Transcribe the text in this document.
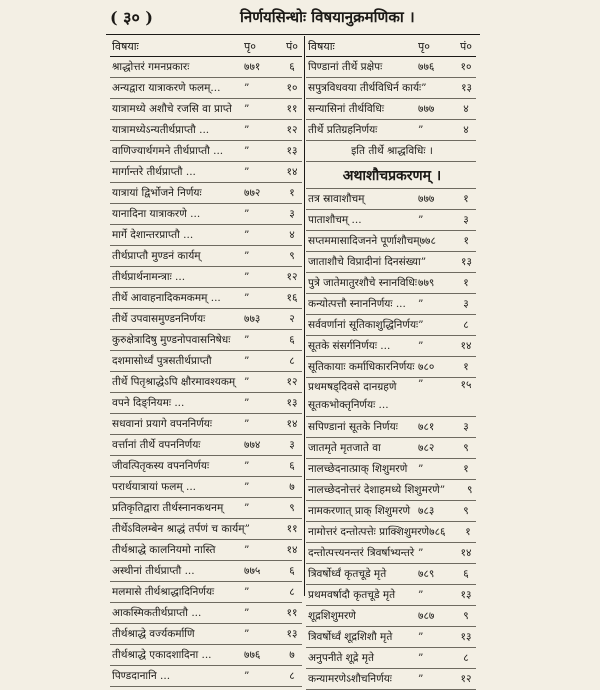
( ३० )	निर्णयसिन्धोः विषयानुक्रमणिका ।
विषयाः	पृ०	पं०
श्राद्धोत्तरं गमनप्रकारः	७७१	६
अन्यद्वारा यात्राकरणे फलम्...	”	१०
यात्रामध्ये अशौचे रजसि वा प्राप्ते	”	११
यात्रामध्येऽन्यतीर्थप्राप्तौ ...	”	१२
वाणिज्यार्थगमने तीर्थप्राप्तौ ...	”	१३
मार्गान्तरे तीर्थप्राप्तौ ...	”	१४
यात्रायां द्विर्भोजने निर्णयः	७७२	१
यानादिना यात्राकरणे ...	”	३
मार्गे देशान्तरप्राप्तौ ...	”	४
तीर्थप्राप्तौ मुण्डनं कार्यम्	”	९
तीर्थप्रार्थनामन्त्राः ...	”	१२
तीर्थे आवाहनादिकमकमम् ...	”	१६
तीर्थे उपवासमुण्डननिर्णयः	७७३	२
कुरुक्षेत्रादिषु मुण्डनोपवासनिषेधः	”	६
दशमासोर्ध्वं पुत्रसतीर्थप्राप्तौ	”	८
तीर्थे पितृश्राद्धेऽपि क्षौरमावश्यकम् ”	१२
वपने दिङ्नियमः ...	”	१३
सधवानां प्रयागे वपननिर्णयः	”	१४
वर्त्तानां तीर्थे वपननिर्णयः	७७४	३
जीवत्पितृकस्य वपननिर्णयः	”	६
परार्थयात्रायां फलम् ...	”	७
प्रतिकृतिद्वारा तीर्थस्नानकथनम्	”	९
तीर्थेऽविलम्बेन श्राद्धं तर्पणं च कार्यम् ”	११
तीर्थश्राद्धे कालनियमो नास्ति	”	१४
अस्थीनां तीर्थप्राप्तौ ...	७७५	६
मलमासे तीर्थश्राद्धादिनिर्णयः	”	८
आकस्मिकतीर्थप्राप्तौ ...	”	११
तीर्थश्राद्धे वर्ज्यकर्माणि	”	१३
तीर्थश्राद्धे एकादशादिना ...	७७६	७
पिण्डदानानि ...	”	८
विषयाः	पृ०	पं०
पिण्डानां तीर्थे प्रक्षेपः	७७६	१०
सपुत्रविधवया तीर्थविधिर्न कार्यः ”	१३
सन्यासिनां तीर्थविधिः	७७७	४
तीर्थे प्रतिग्रहनिर्णयः	”	४
इति तीर्थे श्राद्धविधिः ।
अथाशौचप्रकरणम् ।
तत्र स्रावाशौचम्	७७७	१
पाताशौचम् ...	”	३
सप्तममासादिजनने पूर्णाशौचम् ७७८	१
जाताशौचे विप्रादीनां दिनसंख्या ”	१३
पुत्रे जातेमातुरशौचे स्नानविधिः ७७९	१
कन्योत्पत्तौ स्नाननिर्णयः ...	”	३
सर्ववर्णानां सूतिकाशुद्धिनिर्णयः ”	८
सूतके संसर्गनिर्णयः ...	”	१४
सूतिकायाः कर्माधिकारनिर्णयः ७८०	१
प्रथमषड्दिवसे दानग्रहणे सूतकभोक्तृनिर्णयः ...
”	१५
सपिण्डानां सूतके निर्णयः	७८१	३
जातमृते मृतजाते वा	७८२	९
नालच्छेदनात्प्राक् शिशुमरणे	”	१
नालच्छेदनोत्तरं देशाहमध्ये शिशुमरणे ”	९
नामकरणात् प्राक् शिशुमरणे ७८३	९
नामोत्तरं दन्तोत्पत्तेः प्राक्शिशुमरणे ७८६	१
दन्तोत्पत्त्यनन्तरं त्रिवर्षाभ्यन्तरे ”	१४
त्रिवर्षोर्ध्वं कृतचूडे मृते	७८९	६
प्रथमवर्षादौ कृतचूडे मृते	”	१३
शूद्रशिशुमरणे	७८७	९
त्रिवर्षोर्ध्वं शूद्रशिशौ मृते	”	१३
अनुपनीते शूद्रे मृते	”	८
कन्यामरणेऽशौचनिर्णयः	”	१२
